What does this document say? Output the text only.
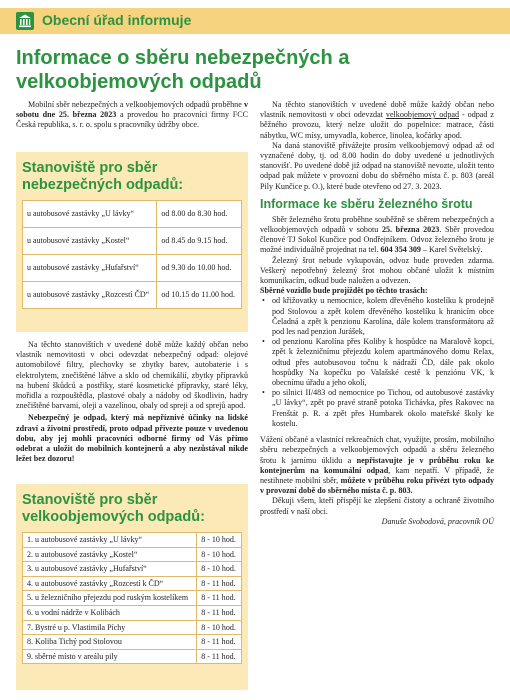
Obecní úřad informuje
Informace o sběru nebezpečných a velkoobjemových odpadů

Mobilní sběr nebezpečných a velkoobjemových odpadů proběhne v sobotu dne 25. března 2023 a provedou ho pracovníci firmy FCC Česká republika, s. r. o. spolu s pracovníky údržby obce.

Stanoviště pro sběr nebezpečných odpadů:
u autobusové zastávky „U lávky“	od 8.00 do 8.30 hod.
u autobusové zastávky „Kostel“	od 8.45 do 9.15 hod.
u autobusové zastávky „Hufařství“	od 9.30 do 10.00 hod.
u autobusové zastávky „Rozcestí ČD“	od 10.15 do 11.00 hod.

Na těchto stanovištích v uvedené době může každý občan nebo vlastník nemovitosti v obci odevzdat nebezpečný odpad: olejové automobilové filtry, plechovky se zbytky barev, autobaterie i s elektrolytem, znečištěné láhve a sklo od chemikálií, zbytky přípravků na hubení škůdců a postřiky, staré kosmetické přípravky, staré léky, mořidla a rozpouštědla, plastové obaly a nádoby od škodlivin, hadry znečištěné barvami, oleji a vazelínou, obaly od spreji a od sprejů apod.

Nebezpečný je odpad, který má nepříznivé účinky na lidské zdraví a životní prostředí, proto odpad přivezte pouze v uvedenou dobu, aby jej mohli pracovníci odborné firmy od Vás přímo odebrat a uložit do mobilních kontejnerů a aby nezůstával nikde ležet bez dozoru!

Stanoviště pro sběr velkoobjemových odpadů:
1. u autobusové zastávky „U lávky“	8 - 10 hod.
2. u autobusové zastávky „Kostel“	8 - 10 hod.
3. u autobusové zastávky „Hufařství“	8 - 10 hod.
4. u autobusové zastávky „Rozcestí k ČD“	8 - 11 hod.
5. u železničního přejezdu pod ruským kostelíkem	8 - 11 hod.
6. u vodní nádrže v Kolibách	8 - 11 hod.
7. Bystré u p. Vlastimila Píchy	8 - 10 hod.
8. Koliba Tichý pod Stolovou	8 - 11 hod.
9. sběrné místo v areálu pily	8 - 11 hod.

Na těchto stanovištích v uvedené době může každý občan nebo vlastník nemovitosti v obci odevzdat velkoobjemový odpad - odpad z běžného provozu, který nelze uložit do popelnice: matrace, části nábytku, WC mísy, umyvadla, koberce, linolea, kočárky apod.

Na daná stanoviště přivážejte prosím velkoobjemový odpad až od vyznačené doby, tj. od 8.00 hodin do doby uvedené u jednotlivých stanovišť. Po uvedené době již odpad na stanoviště nevozte, uložit tento odpad pak můžete v provozní dobu do sběrného místa č. p. 803 (areál Pily Kunčice p. O.), které bude otevřeno od 27. 3. 2023.

Informace ke sběru železného šrotu

Sběr železného šrotu proběhne souběžně se sběrem nebezpečných a velkoobjemových odpadů v sobotu 25. března 2023. Sběr provedou členové TJ Sokol Kunčice pod Ondřejníkem. Odvoz železného šrotu je možné individuálně projednat na tel. 604 354 309 – Karel Světelský.

Železný šrot nebude vykupován, odvoz bude proveden zdarma. Veškerý nepotřebný železný šrot mohou občané uložit k místním komunikacím, odkud bude naložen a odvezen.

Sběrné vozidlo bude projíždět po těchto trasách:

• od křižovatky u nemocnice, kolem dřevěného kostelíku k prodejně pod Stolovou a zpět kolem dřevěného kostelíku k hranicím obce Čeladná a zpět k penzionu Karolína, dále kolem transformátoru až pod les nad penzion Jurášek,
• od penzionu Karolína přes Koliby k hospůdce na Maralově kopci, zpět k železničnímu přejezdu kolem apartmánového domu Relax, odtud přes autobusovou točnu k nádraží ČD, dále pak okolo hospůdky Na kopečku po Valašské cestě k penziónu VK, k obecnímu úřadu a jeho okolí,
• po silnici II/483 od nemocnice po Tichou, od autobusové zastávky „U lávky“, zpět po pravé straně potoka Tichávka, přes Rakovec na Frenštát p. R. a zpět přes Humbarek okolo mateřské školy ke kostelu.

Vážení občané a vlastníci rekreačních chat, využijte, prosím, mobilního sběru nebezpečných a velkoobjemových odpadů a sběru železného šrotu k jarnímu úklidu a nepřistavujte je v průběhu roku ke kontejnerům na komunální odpad, kam nepatří. V případě, že nestihnete mobilní sběr, můžete v průběhu roku přivézt tyto odpady v provozní době do sběrného místa č. p. 803.

Děkuji všem, kteří přispějí ke zlepšení čistoty a ochraně životního prostředí v naší obci.

Danuše Svobodová, pracovník OÚ
